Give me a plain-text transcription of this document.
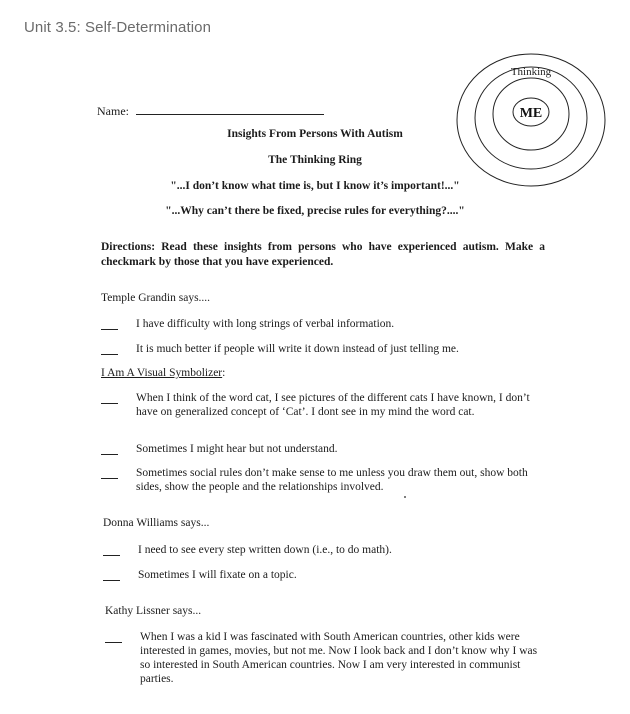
Unit 3.5: Self-Determination
Thinking
ME
Name:
Insights From Persons With Autism
The Thinking Ring
"...I don’t know what time is, but I know it’s important!..."
"...Why can’t there be fixed, precise rules for everything?...."
Directions: Read these insights from persons who have experienced autism. Make a checkmark by those that you have experienced.
Temple Grandin says....
I have difficulty with long strings of verbal information.
It is much better if people will write it down instead of just telling me.
I Am A Visual Symbolizer:
When I think of the word cat, I see pictures of the different cats I have known, I don’t have on generalized concept of ‘Cat’. I dont see in my mind the word cat.
Sometimes I might hear but not understand.
Sometimes social rules don’t make sense to me unless you draw them out, show both sides, show the people and the relationships involved.
Donna Williams says...
I need to see every step written down (i.e., to do math).
Sometimes I will fixate on a topic.
Kathy Lissner says...
When I was a kid I was fascinated with South American countries, other kids were interested in games, movies, but not me. Now I look back and I don’t know why I was so interested in South American countries. Now I am very interested in communist parties.
